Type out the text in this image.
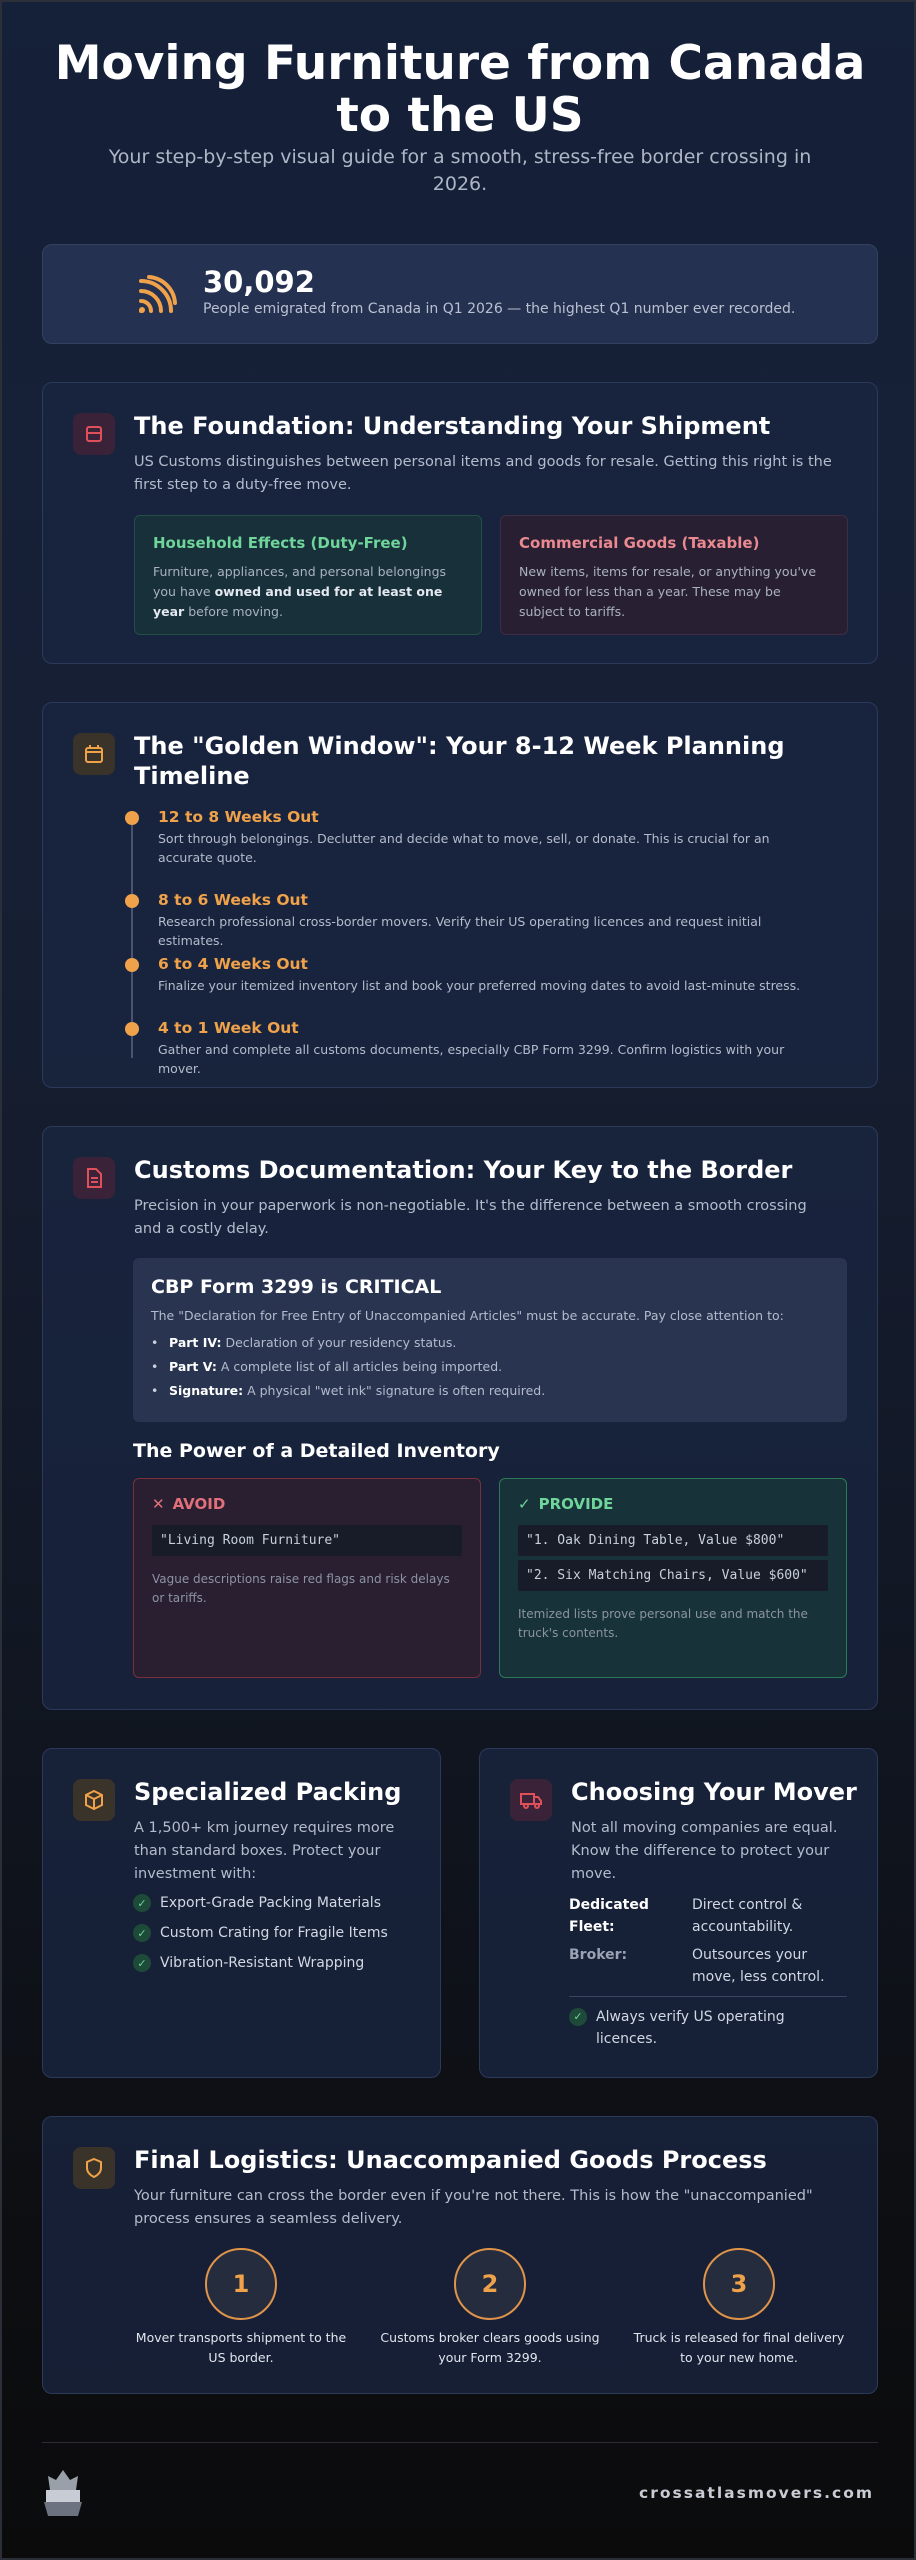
Moving Furniture from Canada to the US

Your step-by-step visual guide for a smooth, stress-free border crossing in 2026.

30,092
People emigrated from Canada in Q1 2026 — the highest Q1 number ever recorded.
The Foundation: Understanding Your Shipment
US Customs distinguishes between personal items and goods for resale. Getting this right is the first step to a duty-free move.
Household Effects (Duty-Free)
Furniture, appliances, and personal belongings you have owned and used for at least one year before moving.
Commercial Goods (Taxable)
New items, items for resale, or anything you've owned for less than a year. These may be subject to tariffs.
The "Golden Window": Your 8-12 Week Planning Timeline
12 to 8 Weeks Out
Sort through belongings. Declutter and decide what to move, sell, or donate. This is crucial for an accurate quote.
8 to 6 Weeks Out
Research professional cross-border movers. Verify their US operating licences and request initial estimates.
6 to 4 Weeks Out
Finalize your itemized inventory list and book your preferred moving dates to avoid last-minute stress.
4 to 1 Week Out
Gather and complete all customs documents, especially CBP Form 3299. Confirm logistics with your mover.
Customs Documentation: Your Key to the Border
Precision in your paperwork is non-negotiable. It's the difference between a smooth crossing and a costly delay.
CBP Form 3299 is CRITICAL
The "Declaration for Free Entry of Unaccompanied Articles" must be accurate. Pay close attention to:
• Part IV: Declaration of your residency status.
• Part V: A complete list of all articles being imported.
• Signature: A physical "wet ink" signature is often required.
The Power of a Detailed Inventory
✕ AVOID
"Living Room Furniture"
Vague descriptions raise red flags and risk delays or tariffs.
✓ PROVIDE
"1. Oak Dining Table, Value $800"
"2. Six Matching Chairs, Value $600"
Itemized lists prove personal use and match the truck's contents.
Specialized Packing
A 1,500+ km journey requires more than standard boxes. Protect your investment with:
✓ Export-Grade Packing Materials
✓ Custom Crating for Fragile Items
✓ Vibration-Resistant Wrapping
Choosing Your Mover
Not all moving companies are equal. Know the difference to protect your move.
Dedicated Fleet:
Direct control & accountability.
Broker:	Outsources your move, less control.
✓ Always verify US operating licences.
Final Logistics: Unaccompanied Goods Process
Your furniture can cross the border even if you're not there. This is how the "unaccompanied" process ensures a seamless delivery.
1
Mover transports shipment to the US border.
2
Customs broker clears goods using your Form 3299.
3
Truck is released for final delivery to your new home.
crossatlasmovers.com
